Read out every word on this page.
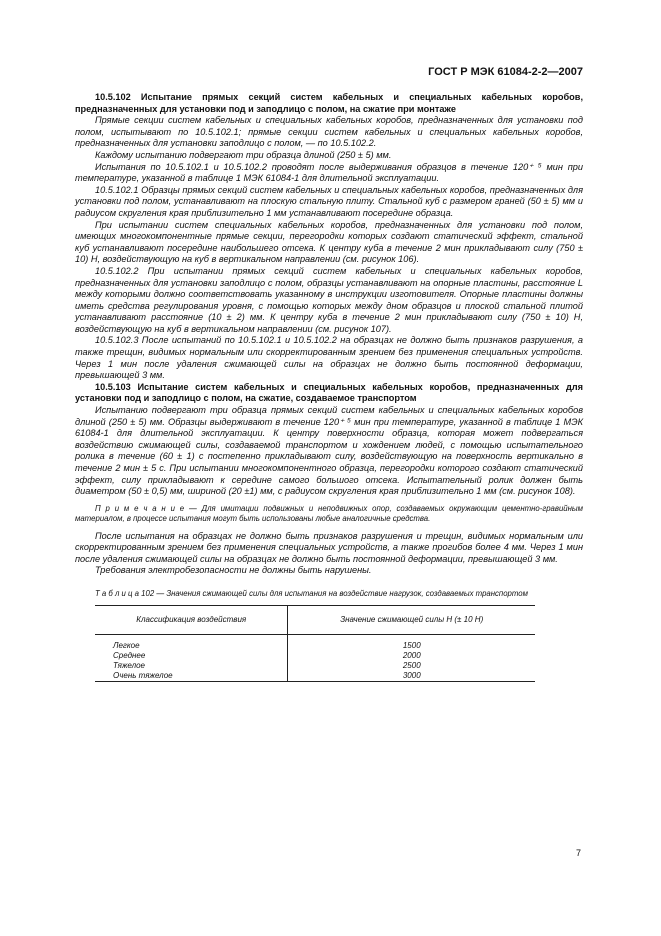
ГОСТ Р МЭК 61084-2-2—2007

10.5.102 Испытание прямых секций систем кабельных и специальных кабельных коробов, предназначенных для установки под и заподлицо с полом, на сжатие при монтаже

Прямые секции систем кабельных и специальных кабельных коробов, предназначенных для установки под полом, испытывают по 10.5.102.1; прямые секции систем кабельных и специальных кабельных коробов, предназначенных для установки заподлицо с полом, — по 10.5.102.2.

Каждому испытанию подвергают три образца длиной (250 ± 5) мм.

Испытания по 10.5.102.1 и 10.5.102.2 проводят после выдерживания образцов в течение 120⁺ ⁵ мин при температуре, указанной в таблице 1 МЭК 61084-1 для длительной эксплуатации.

10.5.102.1 Образцы прямых секций систем кабельных и специальных кабельных коробов, предназначенных для установки под полом, устанавливают на плоскую стальную плиту. Стальной куб с размером граней (50 ± 5) мм и радиусом скругления края приблизительно 1 мм устанавливают посередине образца.

При испытании систем специальных кабельных коробов, предназначенных для установки под полом, имеющих многокомпонентные прямые секции, перегородки которых создают статический эффект, стальной куб устанавливают посередине наибольшего отсека. К центру куба в течение 2 мин прикладывают силу (750 ± 10) Н, воздействующую на куб в вертикальном направлении (см. рисунок 106).

10.5.102.2 При испытании прямых секций систем кабельных и специальных кабельных коробов, предназначенных для установки заподлицо с полом, образцы устанавливают на опорные пластины, расстояние L между которыми должно соответствовать указанному в инструкции изготовителя. Опорные пластины должны иметь средства регулирования уровня, с помощью которых между дном образцов и плоской стальной плитой устанавливают расстояние (10 ± 2) мм. К центру куба в течение 2 мин прикладывают силу (750 ± 10) Н, воздействующую на куб в вертикальном направлении (см. рисунок 107).

10.5.102.3 После испытаний по 10.5.102.1 и 10.5.102.2 на образцах не должно быть признаков разрушения, а также трещин, видимых нормальным или скорректированным зрением без применения специальных устройств. Через 1 мин после удаления сжимающей силы на образцах не должно быть постоянной деформации, превышающей 3 мм.

10.5.103 Испытание систем кабельных и специальных кабельных коробов, предназначенных для установки под и заподлицо с полом, на сжатие, создаваемое транспортом

Испытанию подвергают три образца прямых секций систем кабельных и специальных кабельных коробов длиной (250 ± 5) мм. Образцы выдерживают в течение 120⁺ ⁵ мин при температуре, указанной в таблице 1 МЭК 61084-1 для длительной эксплуатации. К центру поверхности образца, которая может подвергаться воздействию сжимающей силы, создаваемой транспортом и хождением людей, с помощью испытательного ролика в течение (60 ± 1) с постепенно прикладывают силу, воздействующую на поверхность вертикально в течение 2 мин ± 5 с. При испытании многокомпонентного образца, перегородки которого создают статический эффект, силу прикладывают к середине самого большого отсека. Испытательный ролик должен быть диаметром (50 ± 0,5) мм, шириной (20 ±1) мм, с радиусом скругления края приблизительно 1 мм (см. рисунок 108).

П р и м е ч а н и е — Для имитации подвижных и неподвижных опор, создаваемых окружающим цементно-гравийным материалом, в процессе испытания могут быть использованы любые аналогичные средства.

После испытания на образцах не должно быть признаков разрушения и трещин, видимых нормальным или скорректированным зрением без применения специальных устройств, а также прогибов более 4 мм. Через 1 мин после удаления сжимающей силы на образцах не должно быть постоянной деформации, превышающей 3 мм.

Требования электробезопасности не должны быть нарушены.

Т а б л и ц а 102 — Значения сжимающей силы для испытания на воздействие нагрузок, создаваемых транспортом

Классификация воздействия	Значение сжимающей силы Н (± 10 Н)
Легкое	1500
Среднее	2000
Тяжелое	2500
Очень тяжелое	3000
7
